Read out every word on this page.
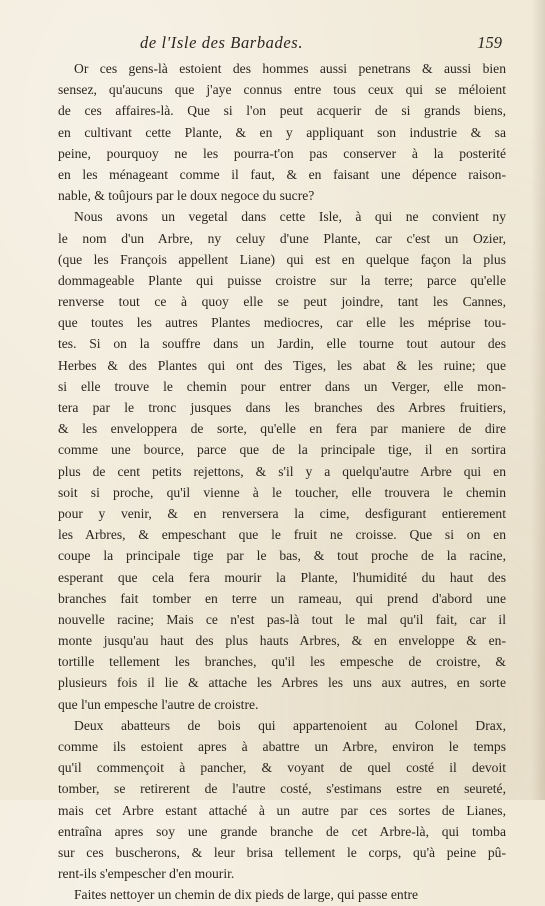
de l'Isle des Barbades.	159
Or ces gens-là estoient des hommes aussi penetrans & aussi bien
sensez, qu'aucuns que j'aye connus entre tous ceux qui se méloient
de ces affaires-là. Que si l'on peut acquerir de si grands biens,
en cultivant cette Plante, & en y appliquant son industrie & sa
peine, pourquoy ne les pourra-t'on pas conserver à la posterité
en les ménageant comme il faut, & en faisant une dépence raison-
nable, & toûjours par le doux negoce du sucre?
Nous avons un vegetal dans cette Isle, à qui ne convient ny
le nom d'un Arbre, ny celuy d'une Plante, car c'est un Ozier,
(que les François appellent Liane) qui est en quelque façon la plus
dommageable Plante qui puisse croistre sur la terre; parce qu'elle
renverse tout ce à quoy elle se peut joindre, tant les Cannes,
que toutes les autres Plantes mediocres, car elle les méprise tou-
tes. Si on la souffre dans un Jardin, elle tourne tout autour des
Herbes & des Plantes qui ont des Tiges, les abat & les ruine; que
si elle trouve le chemin pour entrer dans un Verger, elle mon-
tera par le tronc jusques dans les branches des Arbres fruitiers,
& les enveloppera de sorte, qu'elle en fera par maniere de dire
comme une bource, parce que de la principale tige, il en sortira
plus de cent petits rejettons, & s'il y a quelqu'autre Arbre qui en
soit si proche, qu'il vienne à le toucher, elle trouvera le chemin
pour y venir, & en renversera la cime, desfigurant entierement
les Arbres, & empeschant que le fruit ne croisse. Que si on en
coupe la principale tige par le bas, & tout proche de la racine,
esperant que cela fera mourir la Plante, l'humidité du haut des
branches fait tomber en terre un rameau, qui prend d'abord une
nouvelle racine; Mais ce n'est pas-là tout le mal qu'il fait, car il
monte jusqu'au haut des plus hauts Arbres, & en enveloppe & en-
tortille tellement les branches, qu'il les empesche de croistre, &
plusieurs fois il lie & attache les Arbres les uns aux autres, en sorte
que l'un empesche l'autre de croistre.
Deux abatteurs de bois qui appartenoient au Colonel Drax,
comme ils estoient apres à abattre un Arbre, environ le temps
qu'il commençoit à pancher, & voyant de quel costé il devoit
tomber, se retirerent de l'autre costé, s'estimans estre en seureté,
mais cet Arbre estant attaché à un autre par ces sortes de Lianes,
entraîna apres soy une grande branche de cet Arbre-là, qui tomba
sur ces buscherons, & leur brisa tellement le corps, qu'à peine pû-
rent-ils s'empescher d'en mourir.
Faites nettoyer un chemin de dix pieds de large, qui passe entre
